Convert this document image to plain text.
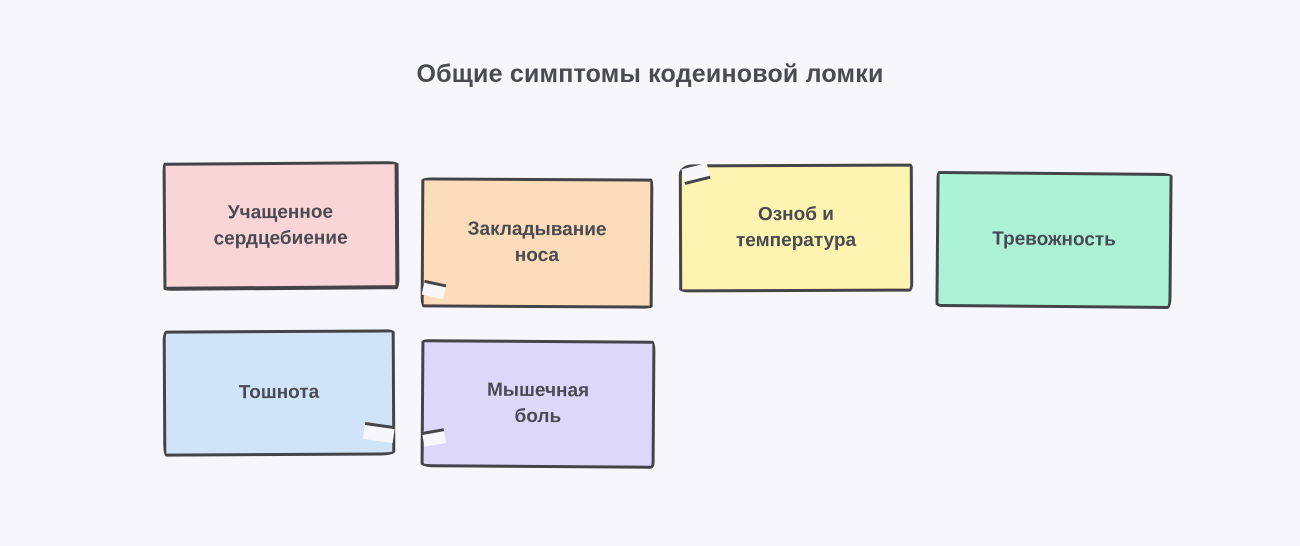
Общие симптомы кодеиновой ломки
Учащенное
сердцебиение	Закладывание
носа
Озноб и
температура	Тревожность
Тошнота	Мышечная
боль
